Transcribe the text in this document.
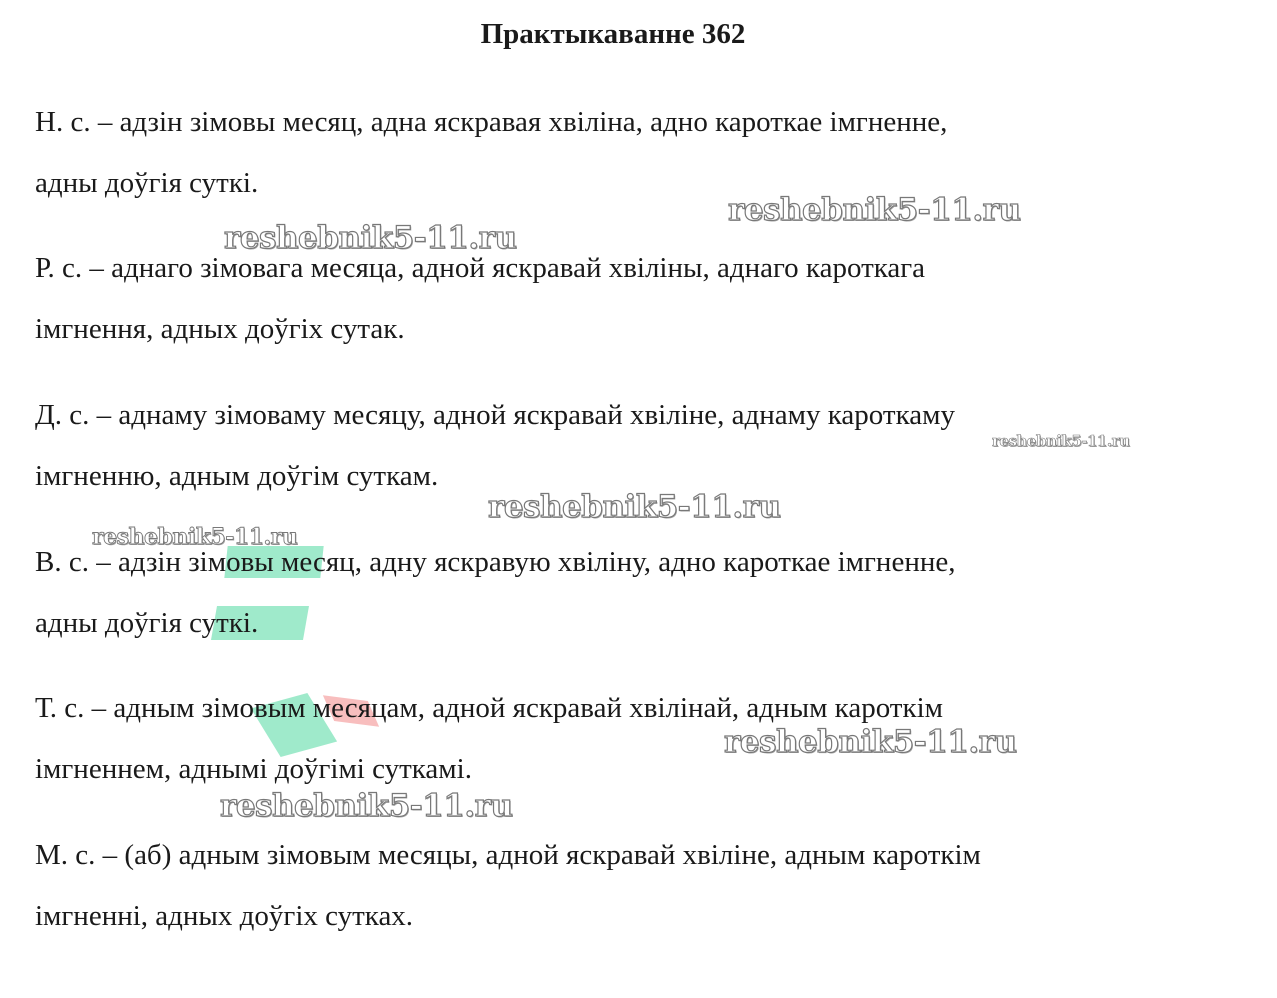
Практыкаванне 362

Н. с. – адзін зімовы месяц, адна яскравая хвіліна, адно кароткае імгненне,

адны доўгія суткі.

Р. с. – аднаго зімовага месяца, адной яскравай хвіліны, аднаго кароткага

імгнення, адных доўгіх сутак.

Д. с. – аднаму зімоваму месяцу, адной яскравай хвіліне, аднаму кароткаму

імгненню, адным доўгім суткам.

В. с. – адзін зімовы месяц, адну яскравую хвіліну, адно кароткае імгненне,

адны доўгія суткі.

Т. с. – адным зімовым месяцам, адной яскравай хвілінай, адным кароткім

імгненнем, аднымі доўгімі суткамі.

М. с. – (аб) адным зімовым месяцы, адной яскравай хвіліне, адным кароткім

імгненні, адных доўгіх сутках.

reshebnik5-11.ru
reshebnik5-11.ru
reshebnik5-11.ru
reshebnik5-11.ru
reshebnik5-11.ru
reshebnik5-11.ru
reshebnik5-11.ru
